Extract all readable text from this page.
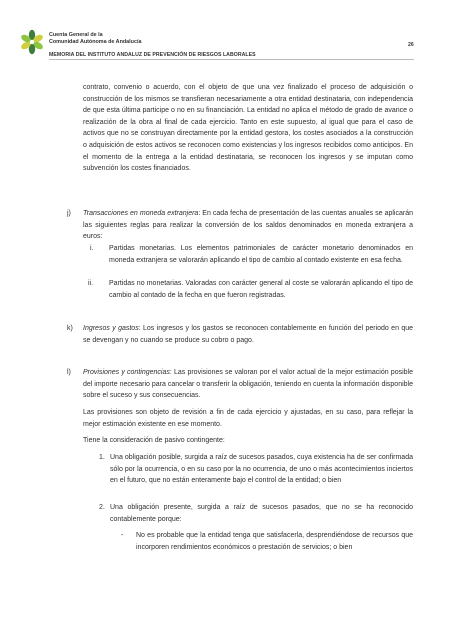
Cuenta General de la
Comunidad Autónoma de Andalucía
MEMORIA DEL INSTITUTO ANDALUZ DE PREVENCIÓN DE RIESGOS LABORALES
26
contrato, convenio o acuerdo, con el objeto de que una vez finalizado el proceso de adquisición o construcción de los mismos se transfieran necesariamente a otra entidad destinataria, con independencia de que esta última participe o no en su financiación. La entidad no aplica el método de grado de avance o realización de la obra al final de cada ejercicio. Tanto en este supuesto, al igual que para el caso de activos que no se construyan directamente por la entidad gestora, los costes asociados a la construcción o adquisición de estos activos se reconocen como existencias y los ingresos recibidos como anticipos. En el momento de la entrega a la entidad destinataria, se reconocen los ingresos y se imputan como subvención los costes financiados.
j) Transacciones en moneda extranjera: En cada fecha de presentación de las cuentas anuales se aplicarán las siguientes reglas para realizar la conversión de los saldos denominados en moneda extranjera a euros:
i. Partidas monetarias. Los elementos patrimoniales de carácter monetario denominados en moneda extranjera se valorarán aplicando el tipo de cambio al contado existente en esa fecha.
ii. Partidas no monetarias. Valoradas con carácter general al coste se valorarán aplicando el tipo de cambio al contado de la fecha en que fueron registradas.
k) Ingresos y gastos: Los ingresos y los gastos se reconocen contablemente en función del periodo en que se devengan y no cuando se produce su cobro o pago.
l) Provisiones y contingencias: Las provisiones se valoran por el valor actual de la mejor estimación posible del importe necesario para cancelar o transferir la obligación, teniendo en cuenta la información disponible sobre el suceso y sus consecuencias.
Las provisiones son objeto de revisión a fin de cada ejercicio y ajustadas, en su caso, para reflejar la mejor estimación existente en ese momento.
Tiene la consideración de pasivo contingente:
1. Una obligación posible, surgida a raíz de sucesos pasados, cuya existencia ha de ser confirmada sólo por la ocurrencia, o en su caso por la no ocurrencia, de uno o más acontecimientos inciertos en el futuro, que no están enteramente bajo el control de la entidad; o bien
2. Una obligación presente, surgida a raíz de sucesos pasados, que no se ha reconocido contablemente porque:
- No es probable que la entidad tenga que satisfacerla, desprendiéndose de recursos que incorporen rendimientos económicos o prestación de servicios; o bien
